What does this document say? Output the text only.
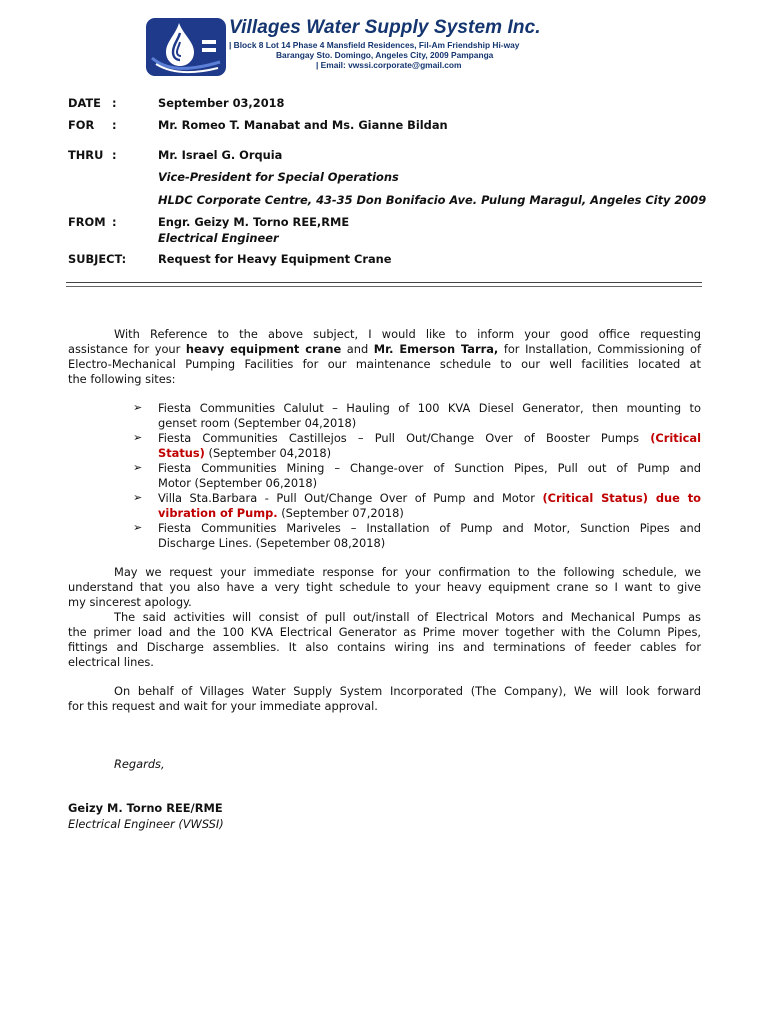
Villages Water Supply System Inc.
| Block 8 Lot 14 Phase 4 Mansfield Residences, Fil-Am Friendship Hi-way
Barangay Sto. Domingo, Angeles City, 2009 Pampanga
| Email: vwssi.corporate@gmail.com
DATE :	September 03,2018
FOR :	Mr. Romeo T. Manabat and Ms. Gianne Bildan
THRU :	Mr. Israel G. Orquia
Vice-President for Special Operations
HLDC Corporate Centre, 43-35 Don Bonifacio Ave. Pulung Maragul, Angeles City 2009
FROM :	Engr. Geizy M. Torno REE,RME
Electrical Engineer
SUBJECT:	Request for Heavy Equipment Crane
With Reference to the above subject, I would like to inform your good office requesting
assistance for your heavy equipment crane and Mr. Emerson Tarra, for Installation, Commissioning of
Electro-Mechanical Pumping Facilities for our maintenance schedule to our well facilities located at
the following sites:
➢ Fiesta Communities Calulut – Hauling of 100 KVA Diesel Generator, then mounting to
genset room (September 04,2018)
➢ Fiesta Communities Castillejos – Pull Out/Change Over of Booster Pumps (Critical
Status) (September 04,2018)
➢ Fiesta Communities Mining – Change-over of Sunction Pipes, Pull out of Pump and
Motor (September 06,2018)
➢ Villa Sta.Barbara - Pull Out/Change Over of Pump and Motor (Critical Status) due to
vibration of Pump. (September 07,2018)
➢ Fiesta Communities Mariveles – Installation of Pump and Motor, Sunction Pipes and
Discharge Lines. (Sepetember 08,2018)
May we request your immediate response for your confirmation to the following schedule, we
understand that you also have a very tight schedule to your heavy equipment crane so I want to give
my sincerest apology.
The said activities will consist of pull out/install of Electrical Motors and Mechanical Pumps as
the primer load and the 100 KVA Electrical Generator as Prime mover together with the Column Pipes,
fittings and Discharge assemblies. It also contains wiring ins and terminations of feeder cables for
electrical lines.
On behalf of Villages Water Supply System Incorporated (The Company), We will look forward
for this request and wait for your immediate approval.
Regards,
Geizy M. Torno REE/RME
Electrical Engineer (VWSSI)
